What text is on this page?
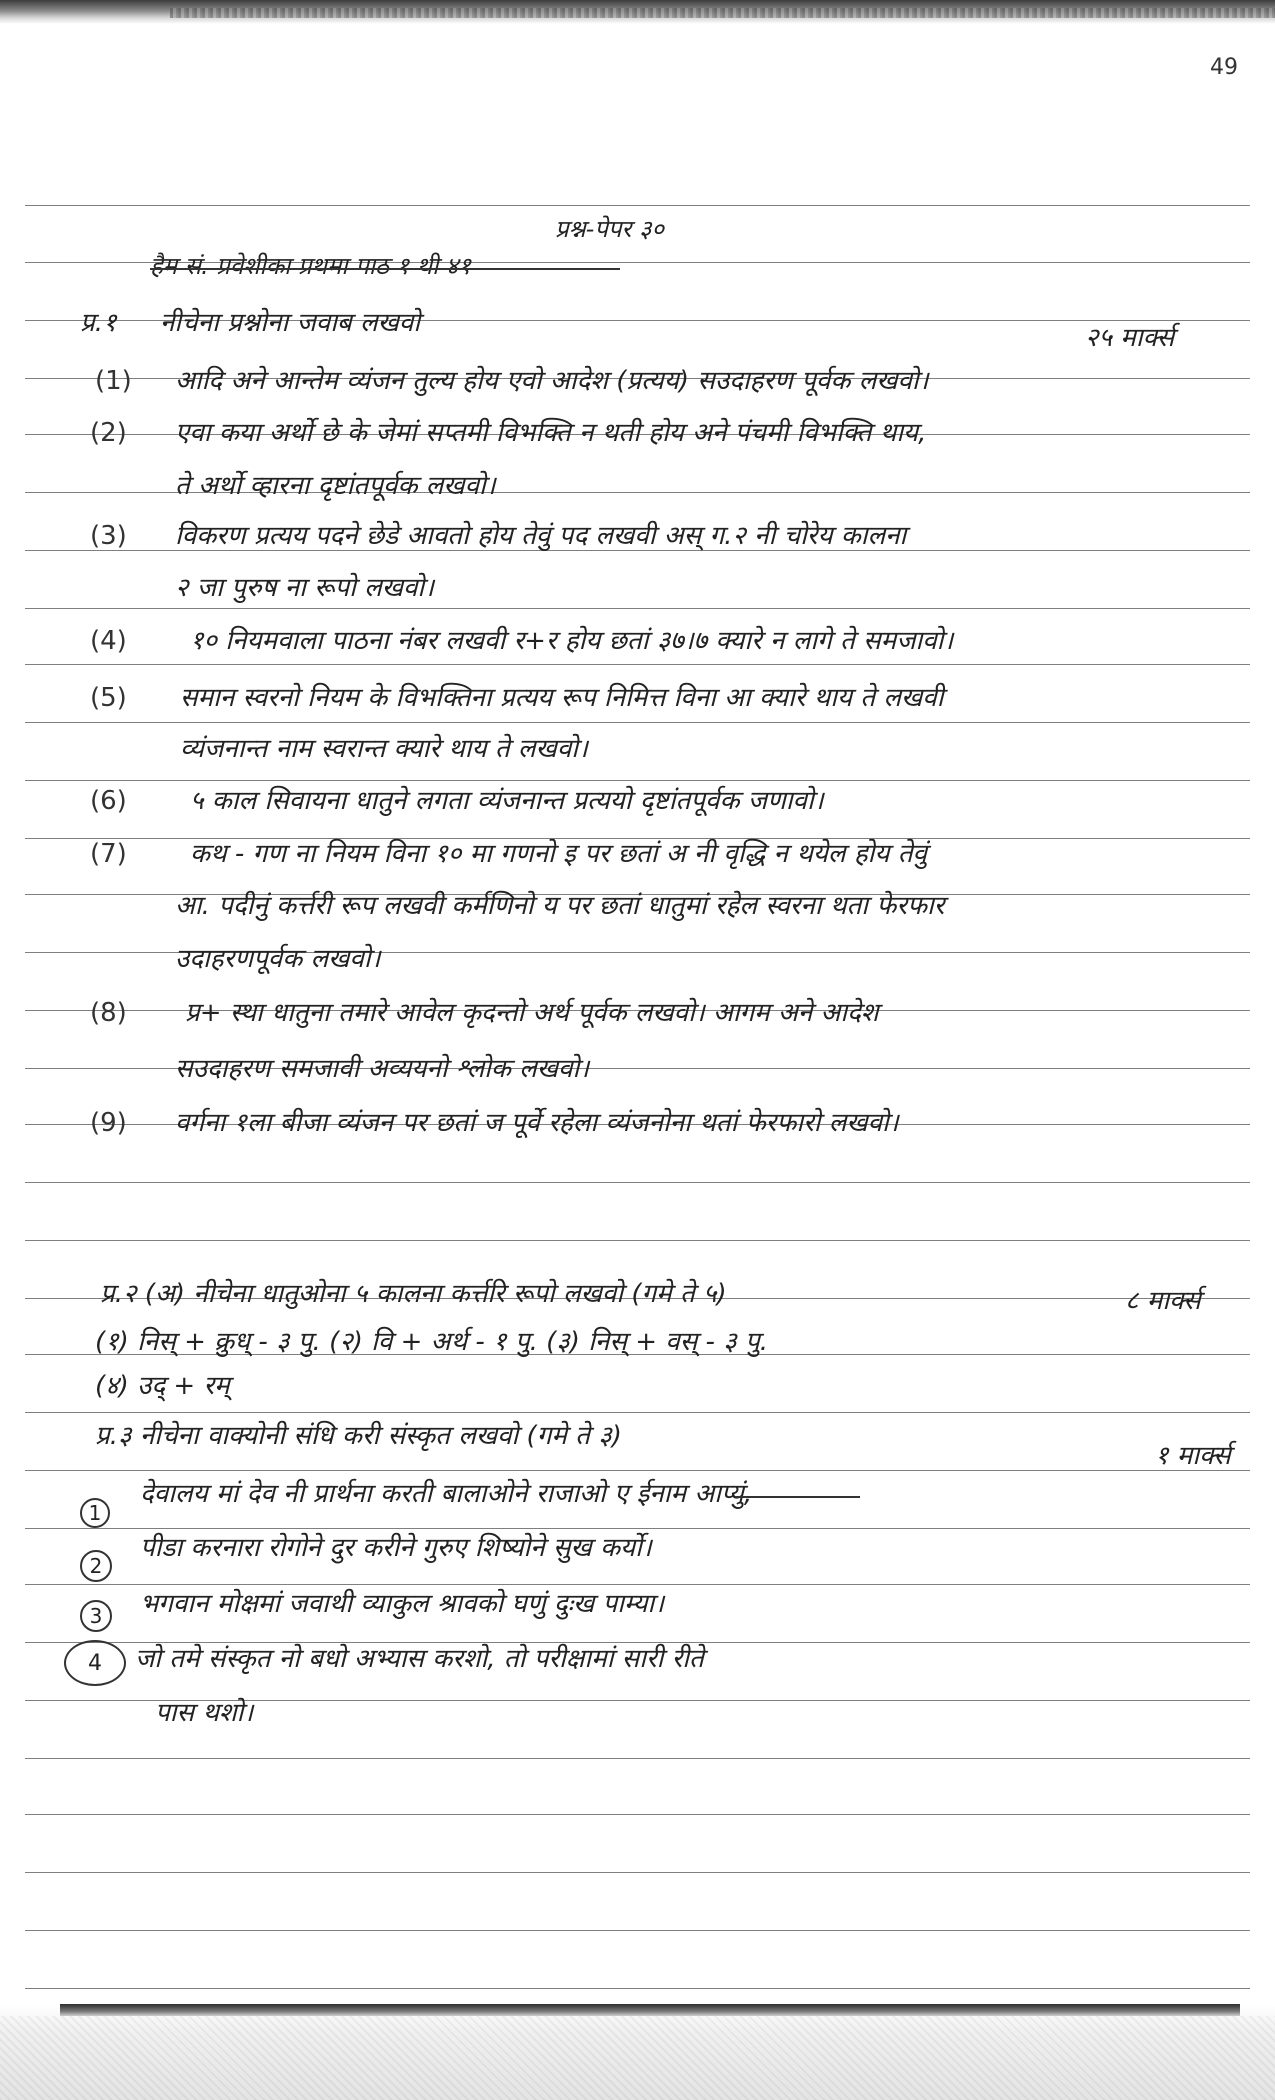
49
प्रश्न-पेपर ३०
हैम सं. प्रवेशीका प्रथमा पाठ १ थी ४१
प्र.१ नीचेना प्रश्नोना जवाब लखवो	२५ मार्क्स
(1) आदि अने आन्तेम व्यंजन तुल्य होय एवो आदेश (प्रत्यय) सउदाहरण पूर्वक लखवो।
(2) एवा कया अर्थो छे के जेमां सप्तमी विभक्ति न थती होय अने पंचमी विभक्ति थाय,
ते अर्थो व्हारना दृष्टांतपूर्वक लखवो।
(3) विकरण प्रत्यय पदने छेडे आवतो होय तेवुं पद लखवी अस् ग.२ नी चोरेय कालना
२ जा पुरुष ना रूपो लखवो।
(4) १० नियमवाला पाठना नंबर लखवी र+र होय छतां ३७।७ क्यारे न लागे ते समजावो।
(5) समान स्वरनो नियम के विभक्तिना प्रत्यय रूप निमित्त विना आ क्यारे थाय ते लखवी
व्यंजनान्त नाम स्वरान्त क्यारे थाय ते लखवो।
(6) ५ काल सिवायना धातुने लगता व्यंजनान्त प्रत्ययो दृष्टांतपूर्वक जणावो।
(7) कथ - गण ना नियम विना १० मा गणनो इ पर छतां अ नी वृद्धि न थयेल होय तेवुं
आ. पदीनुं कर्त्तरी रूप लखवी कर्मणिनो य पर छतां धातुमां रहेल स्वरना थता फेरफार
उदाहरणपूर्वक लखवो।
(8) प्र+ स्था धातुना तमारे आवेल कृदन्तो अर्थ पूर्वक लखवो। आगम अने आदेश
सउदाहरण समजावी अव्ययनो श्लोक लखवो।
(9) वर्गना १ला बीजा व्यंजन पर छतां ज पूर्वे रहेला व्यंजनोना थतां फेरफारो लखवो।
प्र.२ (अ) नीचेना धातुओना ५ कालना कर्त्तरि रूपो लखवो (गमे ते ५)	८ मार्क्स
(१) निस् + क्रुध् - ३ पु. (२) वि + अर्थ - १ पु. (३) निस् + वस् - ३ पु.
(४) उद् + रम्
प्र.३ नीचेना वाक्योनी संधि करी संस्कृत लखवो (गमे ते ३)
१ मार्क्स
1
देवालय मां देव नी प्रार्थना करती बालाओने राजाओ ए ईनाम आप्युं,
2
पीडा करनारा रोगोने दुर करीने गुरुए शिष्योने सुख कर्यो।
3	भगवान मोक्षमां जवाथी व्याकुल श्रावको घणुं दुःख पाम्या।
4	जो तमे संस्कृत नो बधो अभ्यास करशो, तो परीक्षामां सारी रीते
पास थशो।
